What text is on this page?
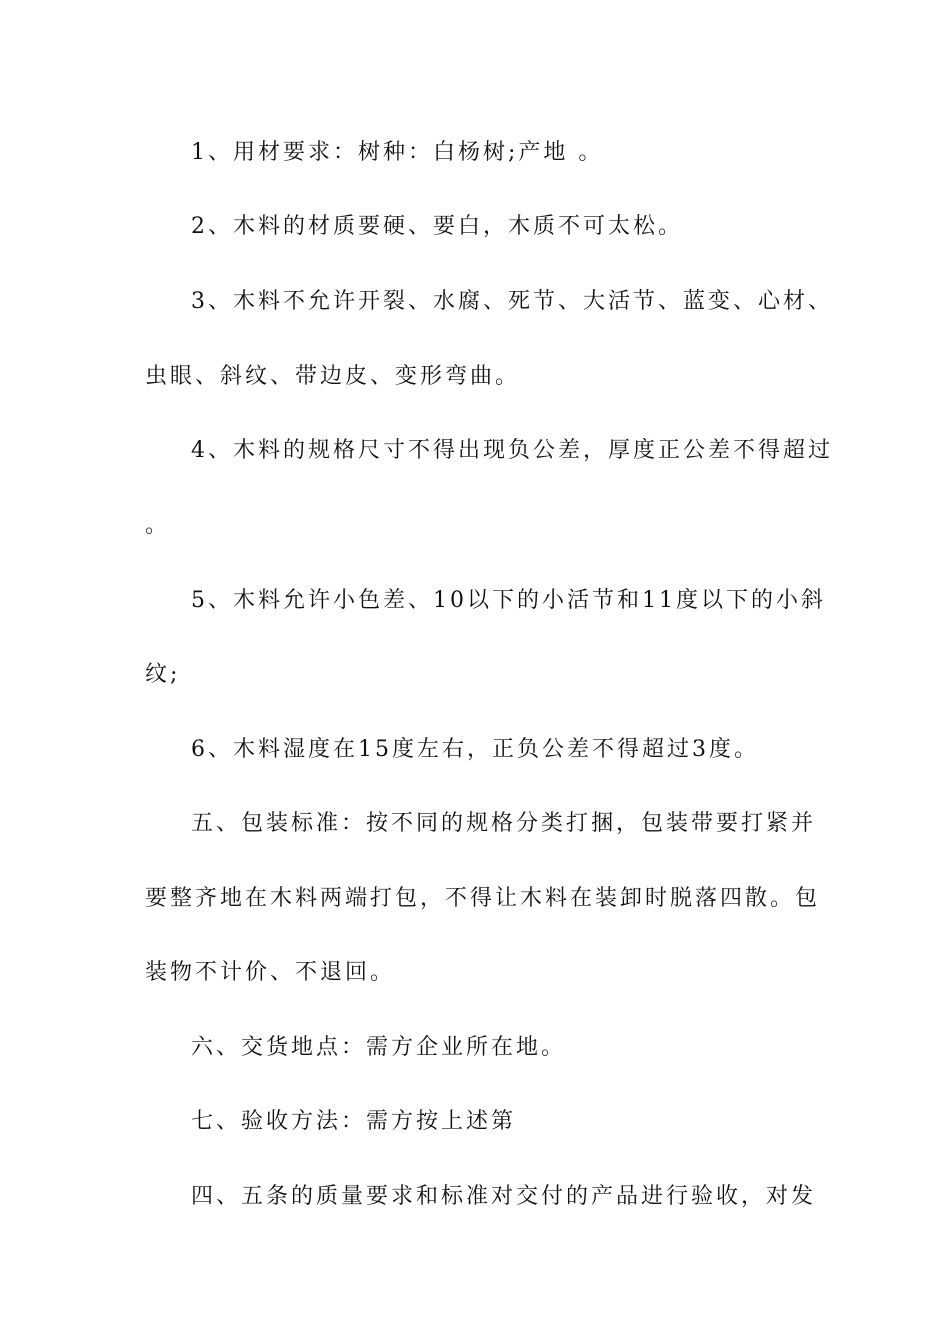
1、用材要求：树种：白杨树;产地 。
2、木料的材质要硬、要白，木质不可太松。
3、木料不允许开裂、水腐、死节、大活节、蓝变、心材、
虫眼、斜纹、带边皮、变形弯曲。
4、木料的规格尺寸不得出现负公差，厚度正公差不得超过
。
5、木料允许小色差、10以下的小活节和11度以下的小斜
纹;
6、木料湿度在15度左右，正负公差不得超过3度。
五、包装标准：按不同的规格分类打捆，包装带要打紧并
要整齐地在木料两端打包，不得让木料在装卸时脱落四散。包
装物不计价、不退回。
六、交货地点：需方企业所在地。
七、验收方法：需方按上述第
四、五条的质量要求和标准对交付的产品进行验收，对发
